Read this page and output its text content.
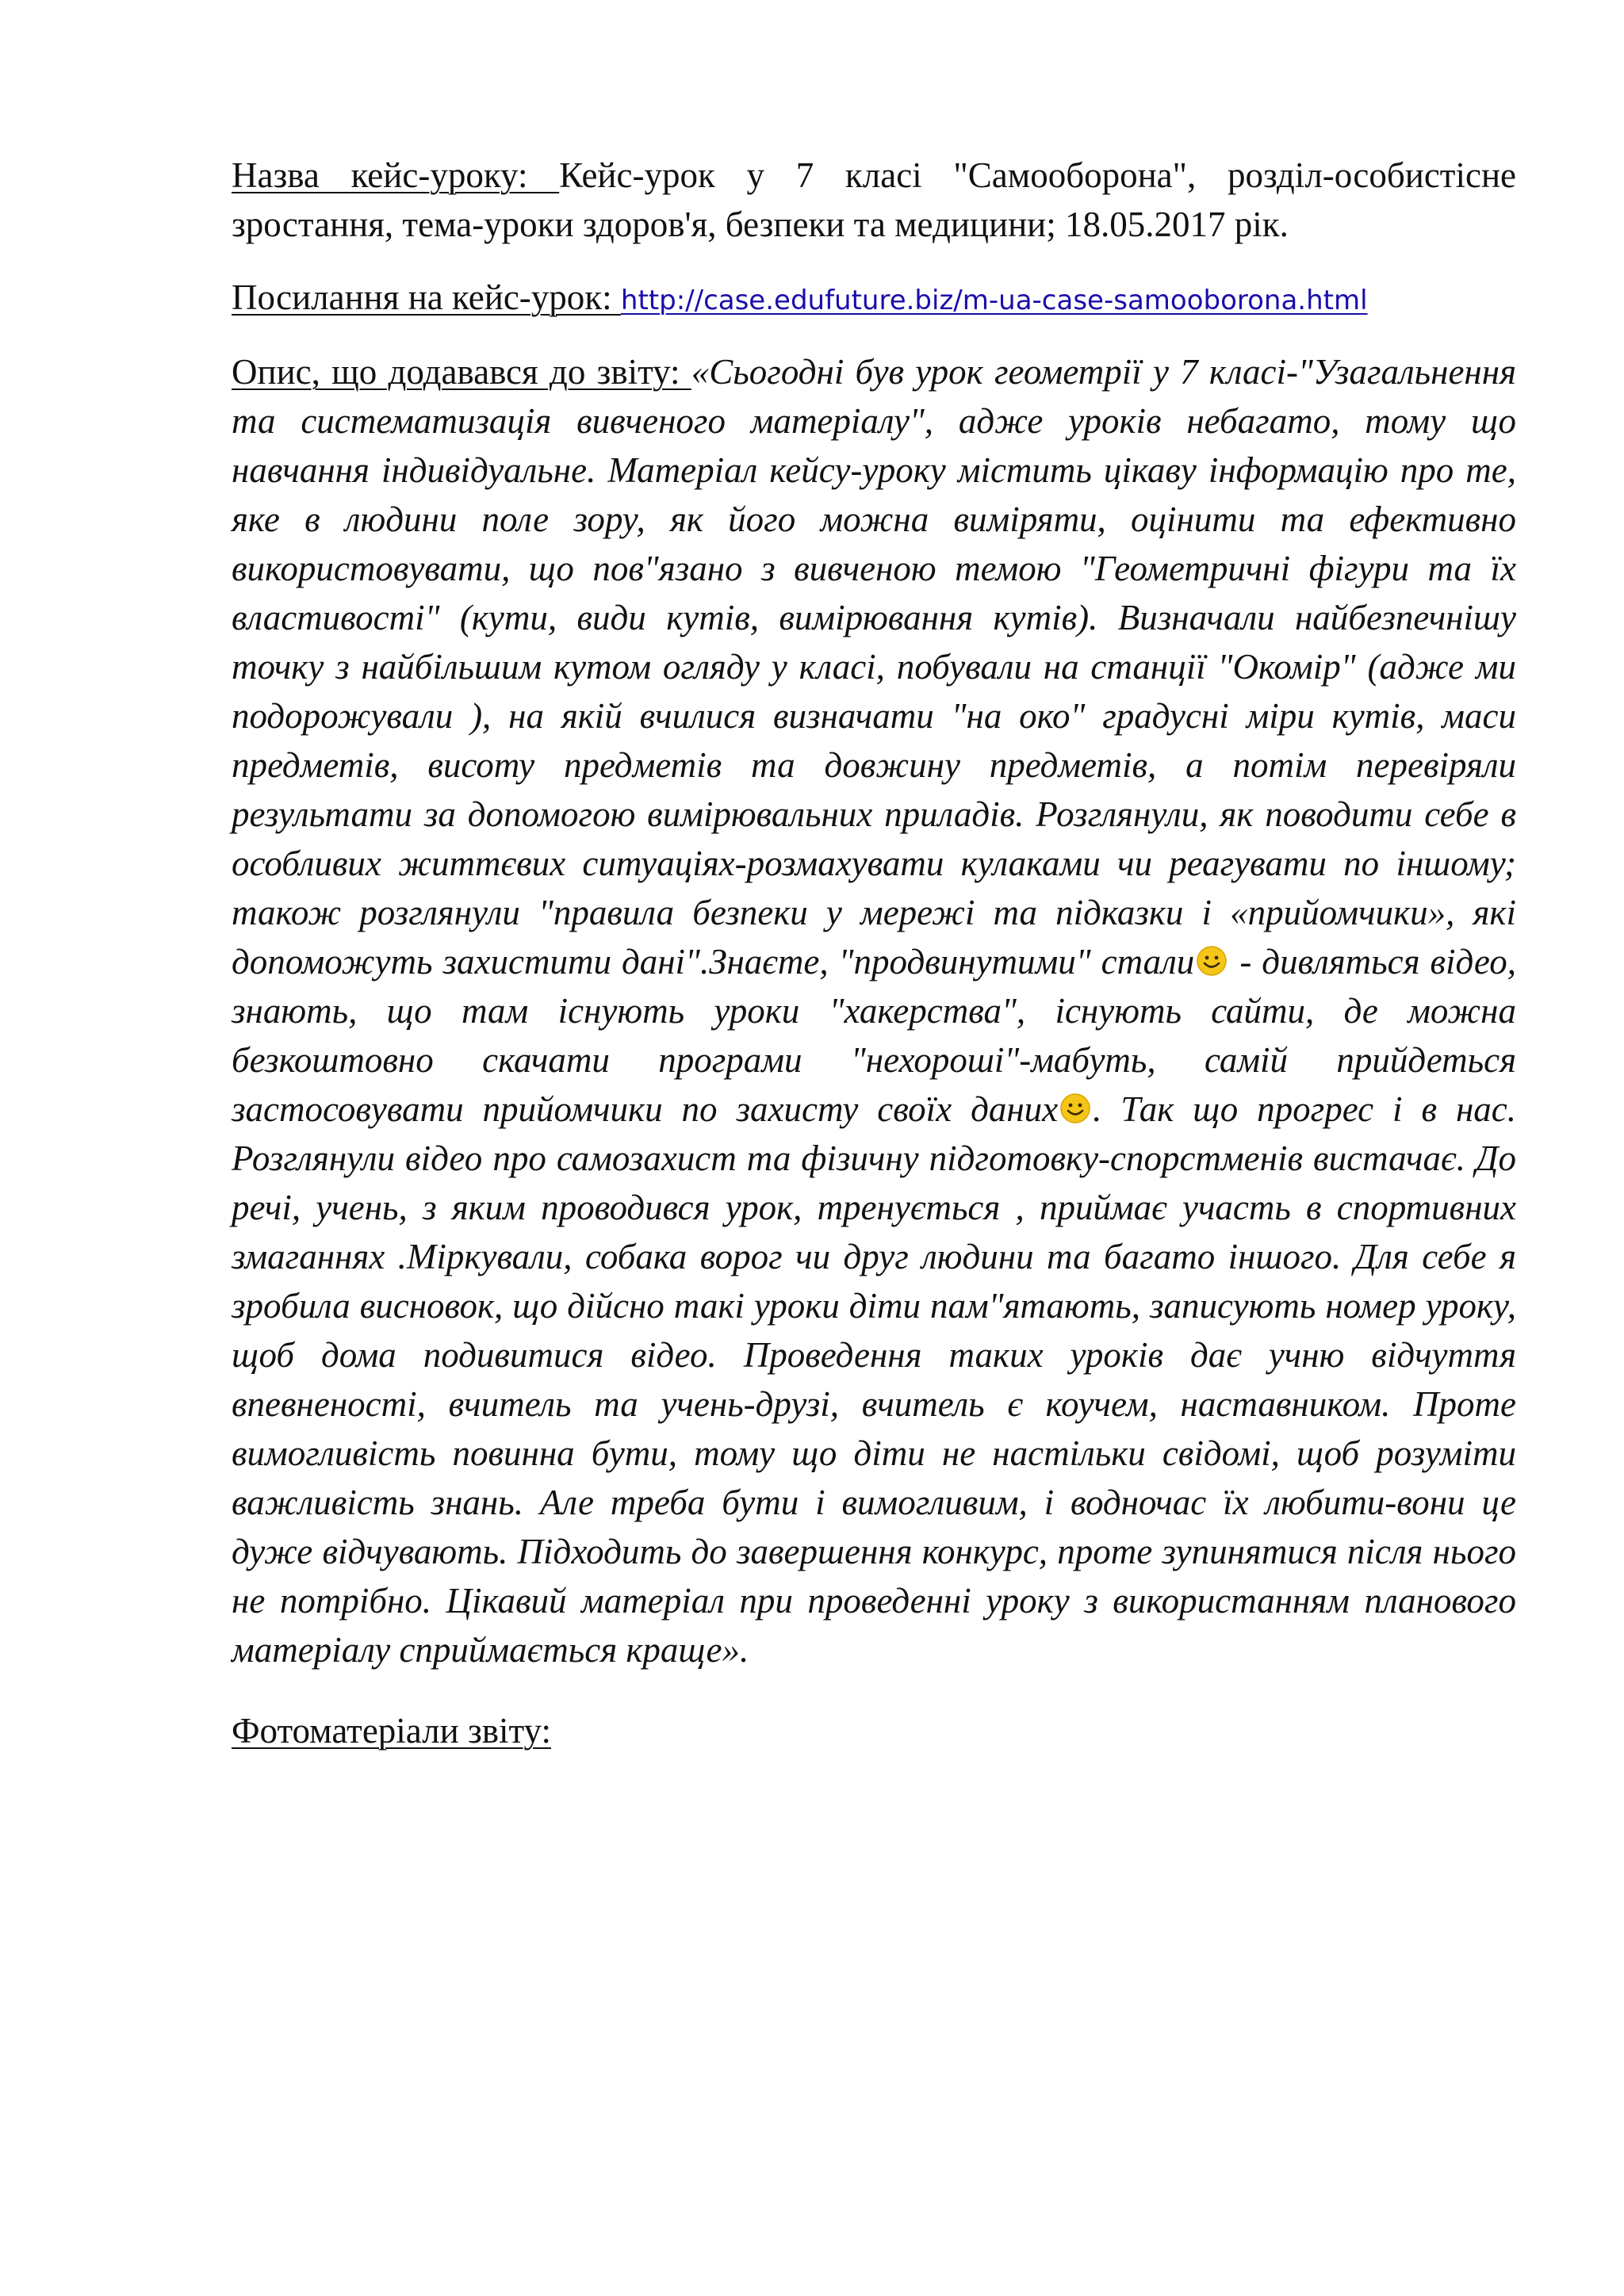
Назва кейс-уроку: Кейс-урок у 7 класі "Самооборона", розділ-особистісне зростання, тема-уроки здоров'я, безпеки та медицини; 18.05.2017 рік.

Посилання на кейс-урок: http://case.edufuture.biz/m-ua-case-samooborona.html

Опис, що додавався до звіту: «Сьогодні був урок геометрії у 7 класі-"Узагальнення та систематизація вивченого матеріалу", адже уроків небагато, тому що навчання індивідуальне. Матеріал кейсу-уроку містить цікаву інформацію про те, яке в людини поле зору, як його можна виміряти, оцінити та ефективно використовувати, що пов"язано з вивченою темою "Геометричні фігури та їх властивості" (кути, види кутів, вимірювання кутів). Визначали найбезпечнішу точку з найбільшим кутом огляду у класі, побували на станції "Окомір" (адже ми подорожували ), на якій вчилися визначати "на око" градусні міри кутів, маси предметів, висоту предметів та довжину предметів, а потім перевіряли результати за допомогою вимірювальних приладів. Розглянули, як поводити себе в особливих життєвих ситуаціях-розмахувати кулаками чи реагувати по іншому; також розглянули "правила безпеки у мережі та підказки і «прийомчики», які допоможуть захистити дані".Знаєте, "продвинутими" стали - дивляться відео, знають, що там існують уроки "хакерства", існують сайти, де можна безкоштовно скачати програми "нехороші"-мабуть, самій прийдеться застосовувати прийомчики по захисту своїх даних . Так що прогрес і в нас. Розглянули відео про самозахист та фізичну підготовку-спорстменів вистачає. До речі, учень, з яким проводився урок, тренується , приймає участь в спортивних змаганнях .Міркували, собака ворог чи друг людини та багато іншого. Для себе я зробила висновок, що дійсно такі уроки діти пам"ятають, записують номер уроку, щоб дома подивитися відео. Проведення таких уроків дає учню відчуття впевненості, вчитель та учень-друзі, вчитель є коучем, наставником. Проте вимогливість повинна бути, тому що діти не настільки свідомі, щоб розуміти важливість знань. Але треба бути і вимогливим, і водночас їх любити-вони це дуже відчувають. Підходить до завершення конкурс, проте зупинятися після нього не потрібно. Цікавий матеріал при проведенні уроку з використанням планового матеріалу сприймається краще».

Фотоматеріали звіту:
